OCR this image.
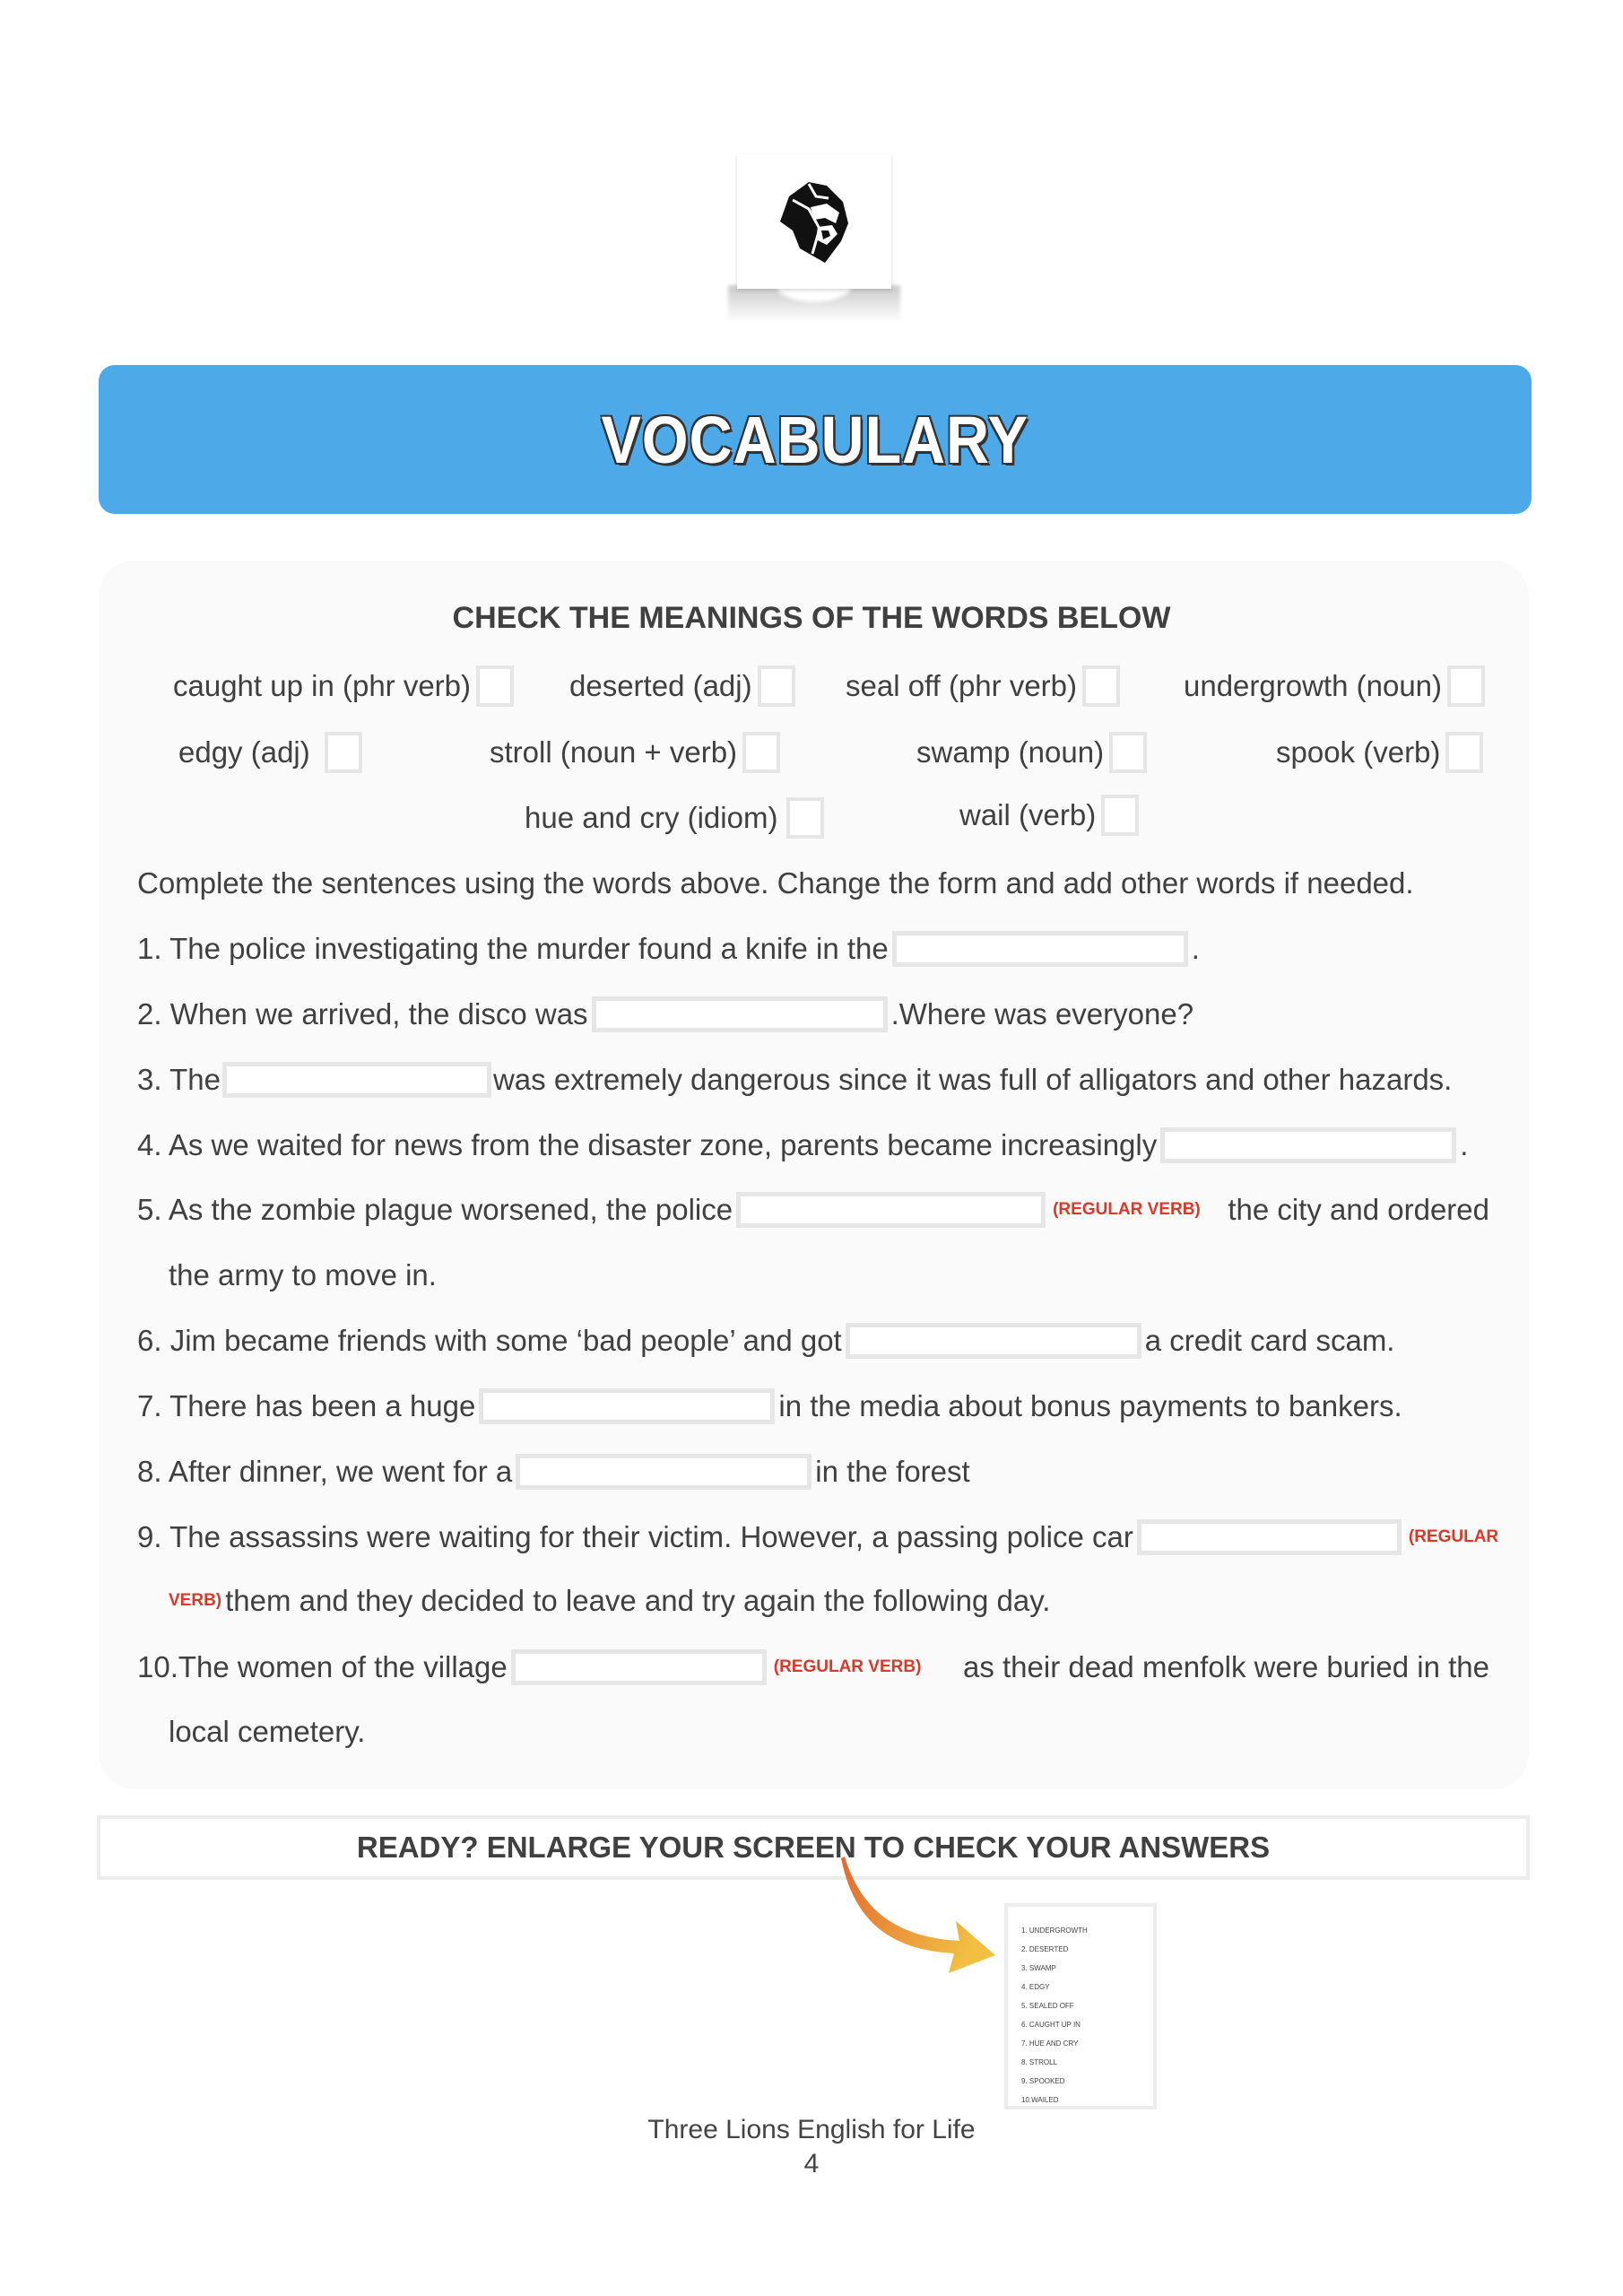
VOCABULARY
CHECK THE MEANINGS OF THE WORDS BELOW
caught up in (phr verb)	deserted (adj)	seal off (phr verb)	undergrowth (noun)
edgy (adj)	stroll (noun + verb)	swamp (noun)	spook (verb)
hue and cry (idiom)	wail (verb)
Complete the sentences using the words above. Change the form and add other words if needed.
1. The police investigating the murder found a knife in the	.
2. When we arrived, the disco was	.Where was everyone?
3. The	was extremely dangerous since it was full of alligators and other hazards.
4. As we waited for news from the disaster zone, parents became increasingly	.
5. As the zombie plague worsened, the police	(REGULAR VERB) the city and ordered
the army to move in.
6. Jim became friends with some ‘bad people’ and got	a credit card scam.
7. There has been a huge	in the media about bonus payments to bankers.
8. After dinner, we went for a	in the forest
9. The assassins were waiting for their victim. However, a passing police car	(REGULAR
VERB) them and they decided to leave and try again the following day.
10.The women of the village	(REGULAR VERB) as their dead menfolk were buried in the
local cemetery.
READY? ENLARGE YOUR SCREEN TO CHECK YOUR ANSWERS
1. UNDERGROWTH
2. DESERTED
3. SWAMP
4. EDGY
5. SEALED OFF
6. CAUGHT UP IN
7. HUE AND CRY
8. STROLL
9. SPOOKED
10.WAILED
Three Lions English for Life
4
